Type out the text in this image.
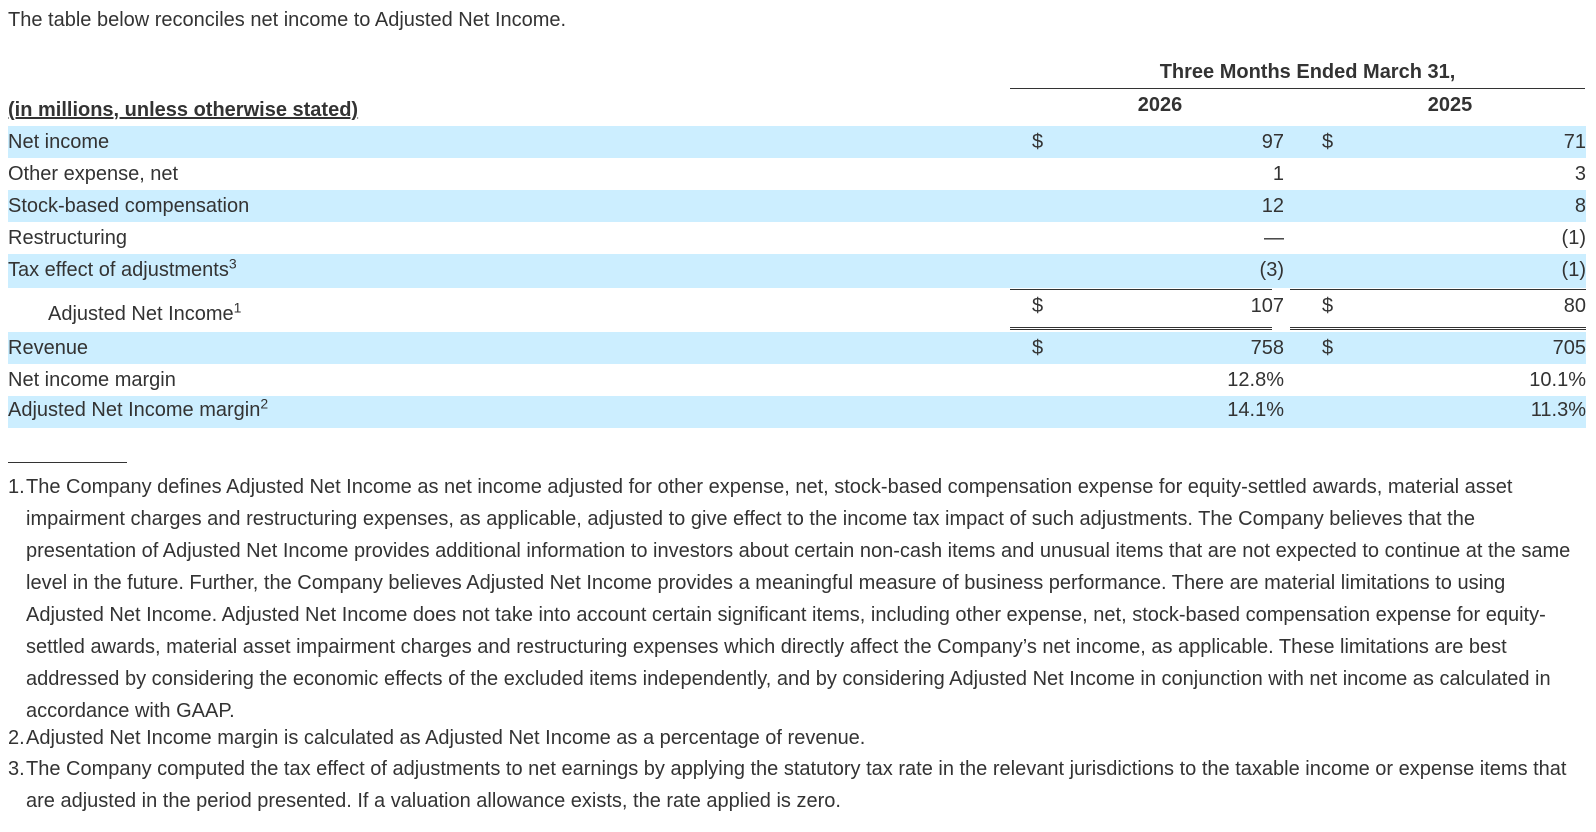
The table below reconciles net income to Adjusted Net Income.
Three Months Ended March 31,
2026	2025
(in millions, unless otherwise stated)
Net income	$	97 $	71
Other expense, net	1	3
Stock-based compensation	12	8
Restructuring	—	(1)
Tax effect of adjustments$^3$	(3)	(1)
Adjusted Net Income$^1$	$	107 $	80
Revenue	$	758 $	705
Net income margin	12.8%	10.1%
Adjusted Net Income margin$^2$	14.1%	11.3%
1. The Company defines Adjusted Net Income as net income adjusted for other expense, net, stock-based compensation expense for equity-settled awards, material asset impairment charges and restructuring expenses, as applicable, adjusted to give effect to the income tax impact of such adjustments. The Company believes that the presentation of Adjusted Net Income provides additional information to investors about certain non-cash items and unusual items that are not expected to continue at the same level in the future. Further, the Company believes Adjusted Net Income provides a meaningful measure of business performance. There are material limitations to using Adjusted Net Income. Adjusted Net Income does not take into account certain significant items, including other expense, net, stock-based compensation expense for equity-settled awards, material asset impairment charges and restructuring expenses which directly affect the Company’s net income, as applicable. These limitations are best addressed by considering the economic effects of the excluded items independently, and by considering Adjusted Net Income in conjunction with net income as calculated in accordance with GAAP.
2. Adjusted Net Income margin is calculated as Adjusted Net Income as a percentage of revenue.
3. The Company computed the tax effect of adjustments to net earnings by applying the statutory tax rate in the relevant jurisdictions to the taxable income or expense items that are adjusted in the period presented. If a valuation allowance exists, the rate applied is zero.
